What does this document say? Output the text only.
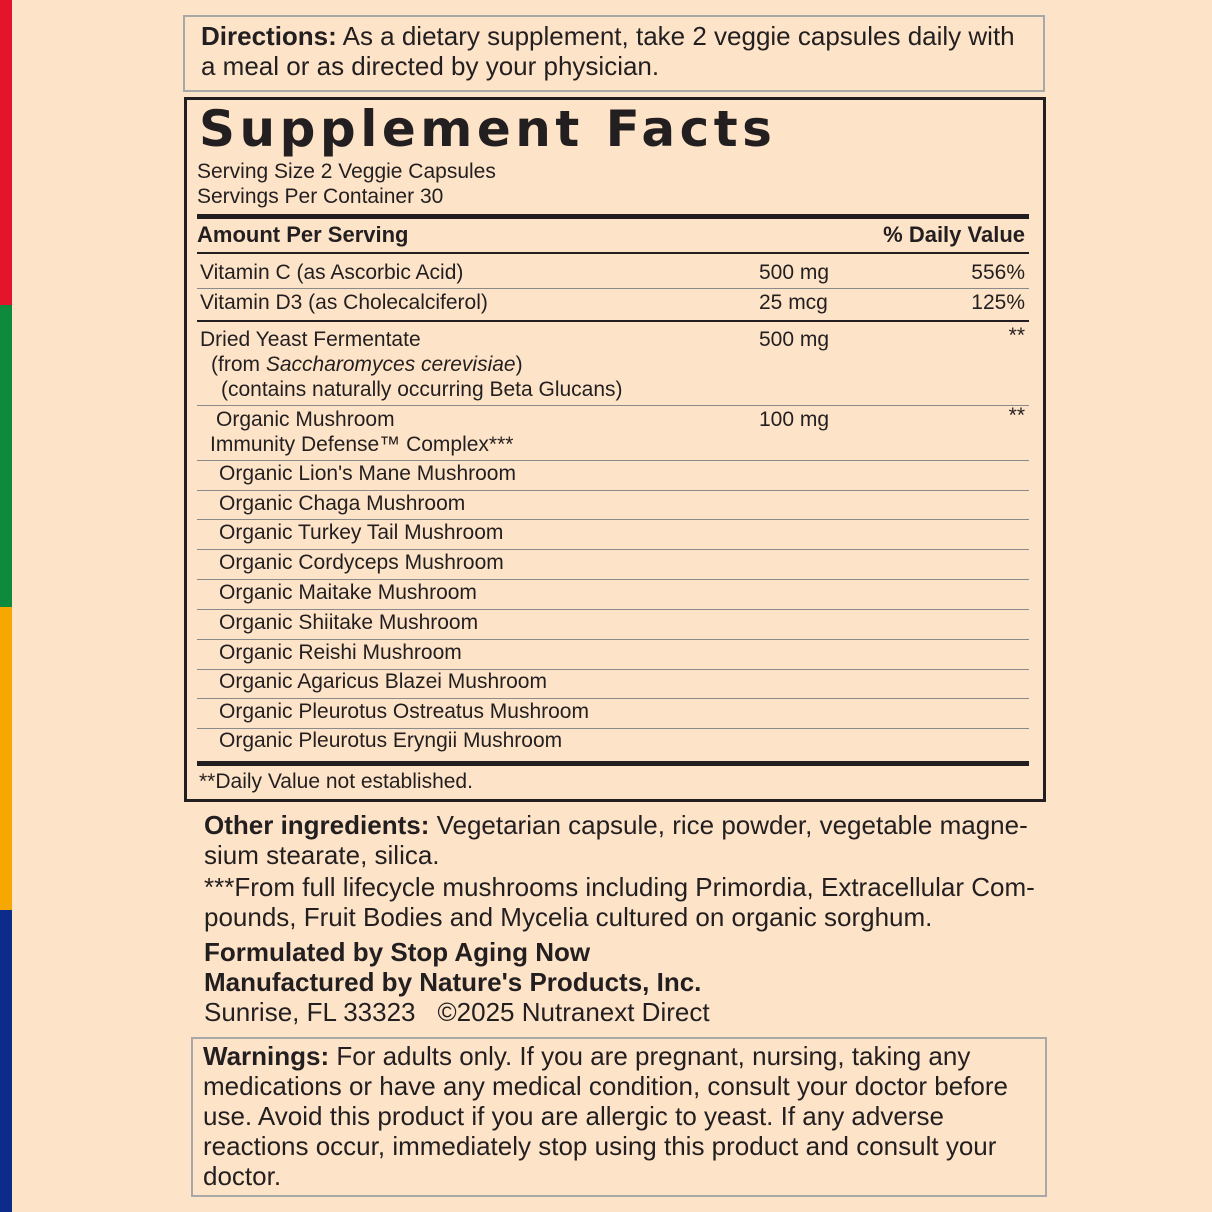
Directions: As a dietary supplement, take 2 veggie capsules daily with a meal or as directed by your physician.
Supplement Facts
Serving Size 2 Veggie Capsules
Servings Per Container 30
Amount Per Serving	% Daily Value
Vitamin C (as Ascorbic Acid)	500 mg	556%
Vitamin D3 (as Cholecalciferol)	25 mcg	125%
Dried Yeast Fermentate
(from Saccharomyces cerevisiae)
(contains naturally occurring Beta Glucans)
500 mg	**
Organic Mushroom
Immunity Defense™ Complex***
100 mg	**
Organic Lion's Mane Mushroom
Organic Chaga Mushroom
Organic Turkey Tail Mushroom
Organic Cordyceps Mushroom
Organic Maitake Mushroom
Organic Shiitake Mushroom
Organic Reishi Mushroom
Organic Agaricus Blazei Mushroom
Organic Pleurotus Ostreatus Mushroom
Organic Pleurotus Eryngii Mushroom
**Daily Value not established.

Other ingredients: Vegetarian capsule, rice powder, vegetable magne-

sium stearate, silica.

***From full lifecycle mushrooms including Primordia, Extracellular Com-

pounds, Fruit Bodies and Mycelia cultured on organic sorghum.

Formulated by Stop Aging Now

Manufactured by Nature's Products, Inc.

Sunrise, FL 33323 ©2025 Nutranext Direct

Warnings: For adults only. If you are pregnant, nursing, taking any medications or have any medical condition, consult your doctor before use. Avoid this product if you are allergic to yeast. If any adverse reactions occur, immediately stop using this product and consult your doctor.
